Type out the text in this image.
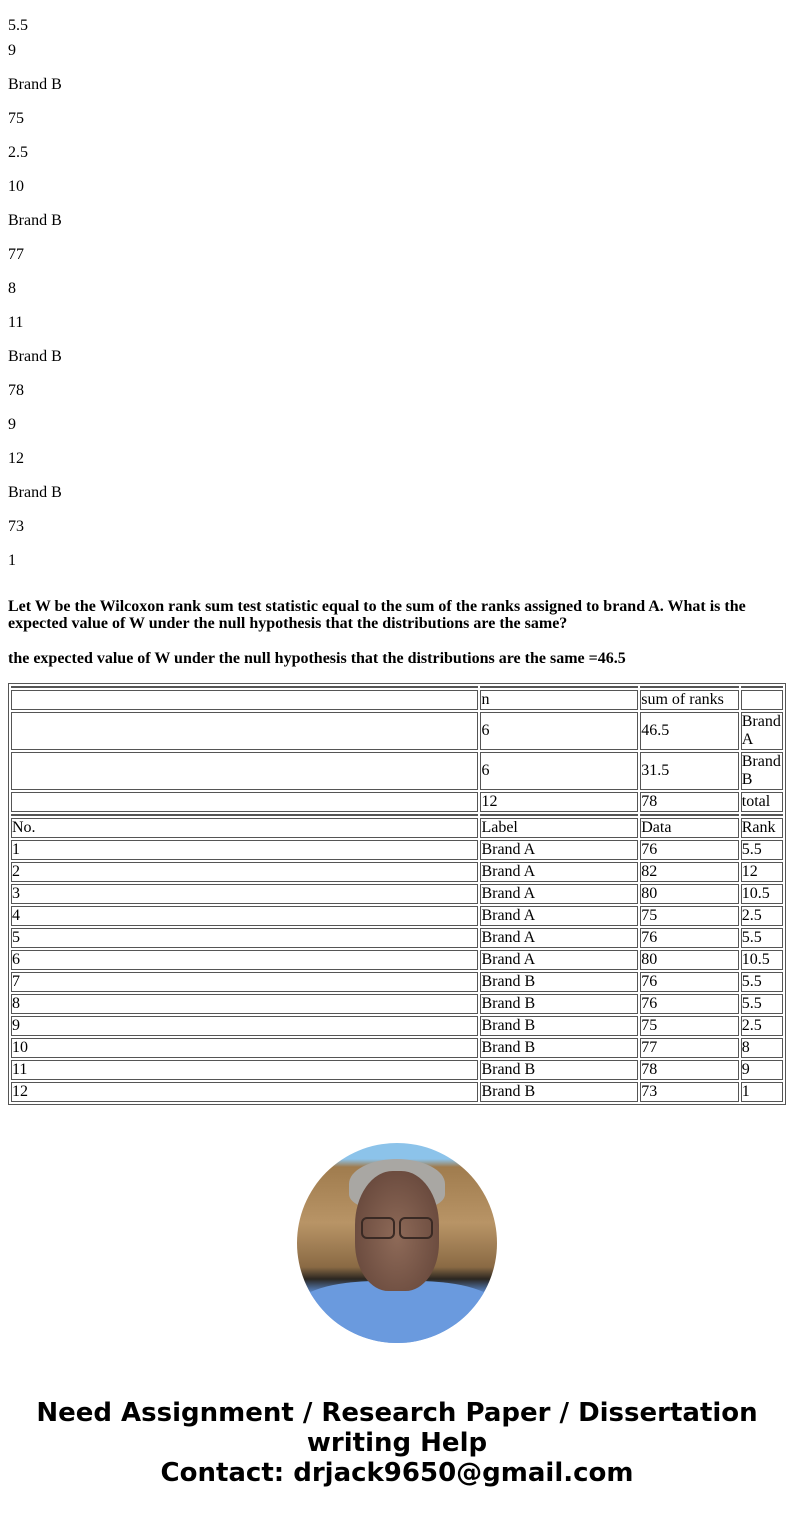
5.5

9

Brand B

75

2.5

10

Brand B

77

8

11

Brand B

78

9

12

Brand B

73

1

Let W be the Wilcoxon rank sum test statistic equal to the sum of the ranks assigned to brand A. What is the expected value of W under the null hypothesis that the distributions are the same?

the expected value of W under the null hypothesis that the distributions are the same =46.5

	n	sum of ranks	
	6	46.5	Brand A
	6	31.5	Brand B
	12	78	total

No.	Label	Data	Rank
1	Brand A	76	5.5
2	Brand A	82	12
3	Brand A	80	10.5
4	Brand A	75	2.5
5	Brand A	76	5.5
6	Brand A	80	10.5
7	Brand B	76	5.5
8	Brand B	76	5.5
9	Brand B	75	2.5
10	Brand B	77	8
11	Brand B	78	9
12	Brand B	73	1
Need Assignment / Research Paper / Dissertation writing Help
Contact: drjack9650@gmail.com
